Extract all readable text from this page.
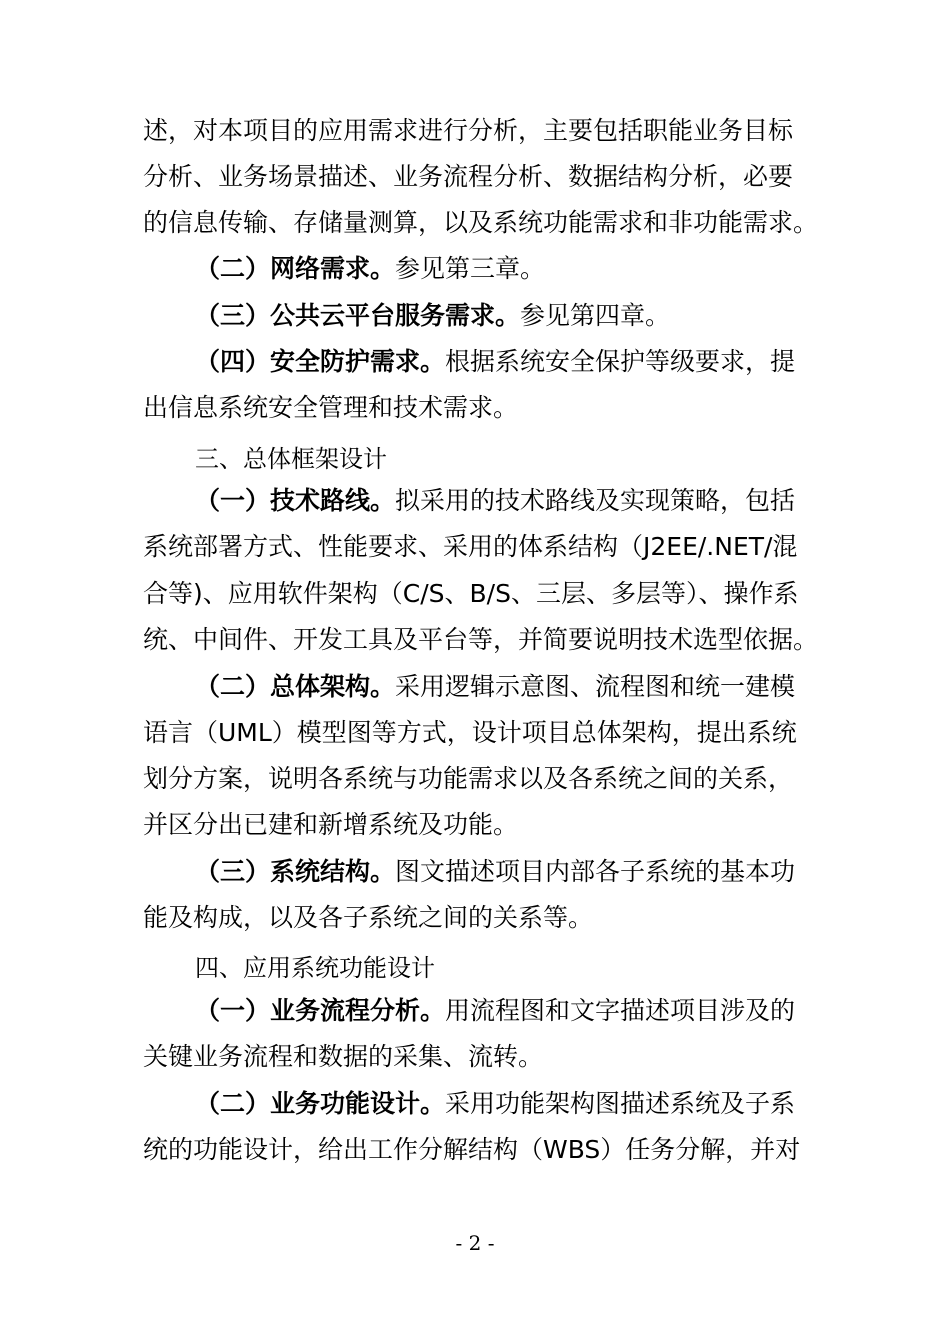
述，对本项目的应用需求进行分析，主要包括职能业务目标
分析、业务场景描述、业务流程分析、数据结构分析，必要
的信息传输、存储量测算，以及系统功能需求和非功能需求。
（二）网络需求。参见第三章。
（三）公共云平台服务需求。参见第四章。
（四）安全防护需求。根据系统安全保护等级要求，提
出信息系统安全管理和技术需求。
三、总体框架设计
（一）技术路线。拟采用的技术路线及实现策略，包括
系统部署方式、性能要求、采用的体系结构（J2EE/.NET/混
合等)、应用软件架构（C/S、B/S、三层、多层等）、操作系
统、中间件、开发工具及平台等，并简要说明技术选型依据。
（二）总体架构。采用逻辑示意图、流程图和统一建模
语言（UML）模型图等方式，设计项目总体架构，提出系统
划分方案，说明各系统与功能需求以及各系统之间的关系，
并区分出已建和新增系统及功能。
（三）系统结构。图文描述项目内部各子系统的基本功
能及构成，以及各子系统之间的关系等。
四、应用系统功能设计
（一）业务流程分析。用流程图和文字描述项目涉及的
关键业务流程和数据的采集、流转。
（二）业务功能设计。采用功能架构图描述系统及子系
统的功能设计，给出工作分解结构（WBS）任务分解，并对
- 2 -
